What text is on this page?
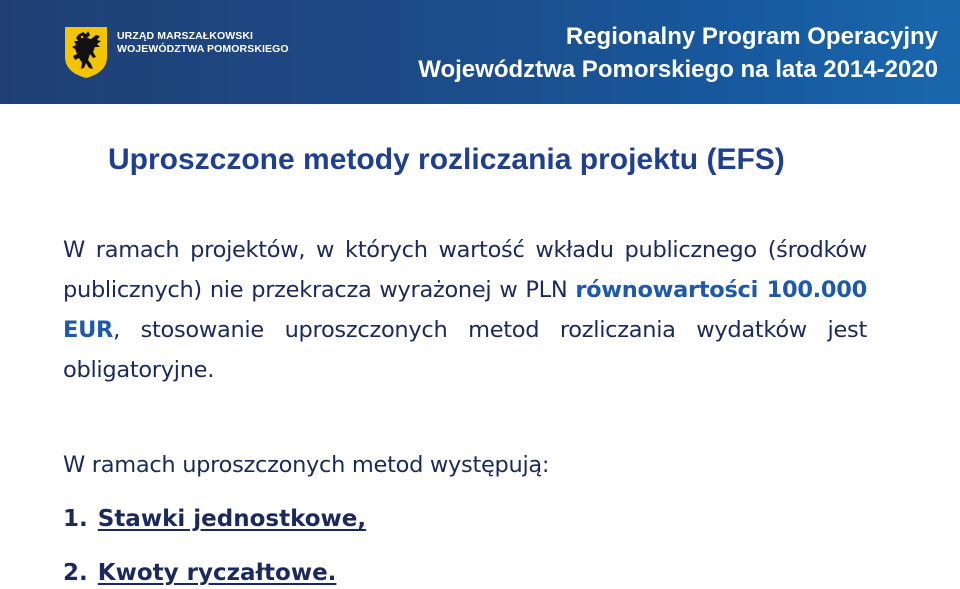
URZĄD MARSZAŁKOWSKI
WOJEWÓDZTWA POMORSKIEGO	Regionalny Program Operacyjny
Województwa Pomorskiego na lata 2014-2020
Uproszczone metody rozliczania projektu (EFS)
W ramach projektów, w których wartość wkładu publicznego (środków publicznych) nie przekracza wyrażonej w PLN równowartości 100.000 EUR, stosowanie uproszczonych metod rozliczania wydatków jest obligatoryjne.
W ramach uproszczonych metod występują:
1. Stawki jednostkowe,
2. Kwoty ryczałtowe.
